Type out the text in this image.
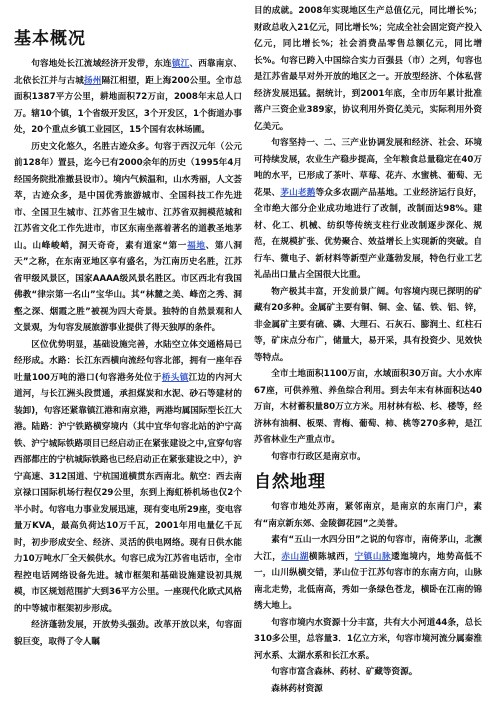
基本概况

句容地处长江流域经济开发带，东连镇江、西靠南京、北依长江并与古城扬州隔江相望，距上海200公里。全市总面积1387平方公里，耕地面积72万亩，2008年末总人口万。辖10个镇，1个省级开发区，3个开发区，1个街道办事处，20个重点乡镇工业园区，15个国有农林场圃。

历史文化悠久，名胜古迹众多。句容于西汉元年（公元前128年）置县，迄今已有2000余年的历史（1995年4月经国务院批准撤县设市）。境内气候温和，山水秀丽，人文荟萃，古迹众多，是中国优秀旅游城市、全国科技工作先进市、全国卫生城市、江苏省卫生城市、江苏省双拥模范城和江苏省文化工作先进市，市区东南坐落着著名的道教圣地茅山。山峰峻峭，洞天奇奇，素有道家“第一福地、第八洞天”之称，在东南亚地区享有盛名，为江南历史名胜，江苏省甲级风景区，国家AAAA级风景名胜区。市区西北有我国佛教“律宗第一名山”宝华山。其“林麓之美、峰峦之秀、洞壑之深、烟霞之胜”被视为四大奇景。独特的自然景观和人文景观，为句容发展旅游事业提供了得天独厚的条件。

区位优势明显，基础设施完善，水陆空立体交通格局已经形成。水路：长江东西横向流经句容北部，拥有一座年吞吐量100万吨的港口(句容港务处位于桥头镇江边的内河大道河，与长江洲头段贯通，承担煤炭和水泥、砂石等建材的装卸)，句容还紧靠镇江港和南京港，两港均属国际型长江大港。陆路：沪宁铁路横穿境内（其中宜华句容北站的沪宁高铁、沪宁城际铁路项目已经启动正在紧张建设之中,宣穿句容西部都庄的宁杭城际铁路也已经启动正在紧张建设之中），沪宁高速、312国道、宁杭国道横贯东西南北。航空：西去南京禄口国际机场行程仅29公里，东到上海虹桥机场也仅2个半小时。句容电力事业发展迅速，现有变电所29座，变电容量万KVA，最高负荷达10万千瓦，2001年用电量亿千瓦时，初步形成安全、经济、灵活的供电网络。现有日供水能力10万吨水厂全天候供水。句容已成为江苏省电话市，全市程控电话网络设备先进。城市框架和基础设施建设初具规模，市区规划范围扩大到36平方公里。一座现代化欧式风格的中等城市框架初步形成。

经济蓬勃发展，开放势头强劲。改革开放以来，句容面貌巨变，取得了令人瞩

目的成就。2008年实现地区生产总值亿元，同比增长%；财政总收入21亿元，同比增长%；完成全社会固定资产投入亿元，同比增长%；社会消费品零售总额亿元，同比增长%。句容已跨入中国综合实力百强县（市）之列，句容也是江苏省最早对外开放的地区之一。开放型经济、个体私营经济发展迅猛。据统计，到2001年底，全市历年累计批准落户三资企业389家，协议利用外资亿美元，实际利用外资亿美元。

句容坚持一、二、三产业协调发展和经济、社会、环境可持续发展，农业生产稳步提高，全年粮食总量稳定在40万吨的水平，已形成了茶叶、草莓、花卉、水蜜桃、葡萄、无花果、茅山老鹅等众多农副产品基地。工业经济运行良好，全市绝大部分企业成功地进行了改制，改制面达98%。建材、化工、机械、纺织等传统支柱行业改制逐步深化、规范，在规模扩张、优势聚合、效益增长上实现新的突破。自行车、微电子、新材料等新型产业蓬勃发展，特色行业工艺礼品出口量占全国很大比重。

物产极其丰富，开发前景广阔。句容境内现已探明的矿藏有20多种。金属矿主要有铜、铜、金、锰、铁、铝、锌，非金属矿主要有硫、磷、大理石、石灰石、膨润土、红柱石等，矿床点分布广，储量大，易开采，具有投资少、见效快等特点。

全市土地面积1100万亩，水域面积30万亩。大小水库67座，可供养殖、养鱼综合利用。到去年末有林面积达40万亩，木材蓄积量80万立方米。用材林有松、杉、楼等，经济林有油桐、板栗、青梅、葡萄、柿、桃等270多种，是江苏省林业生产重点市。

句容市行政区是南京市。

自然地理

句容市地处苏南，紧邻南京，是南京的东南门户，素有“南京新东郊、金陵御花园”之美誉。

素有“五山一水四分田”之说的句容市，南倚茅山，北濒大江，赤山湖横陈城西，宁镇山脉逶迤境内，地势高低不一，山川纵横交错，茅山位于江苏句容市的东南方向，山脉南北走势，北低南高，秀如一条绿色苍龙，横卧在江南的锦绣大地上。

句容市境内水资源十分丰富，共有大小河道44条，总长310多公里，总容量3．1亿立方米，句容市境河流分属秦淮河水系、太湖水系和长江水系。

句容市富含森林、药材、矿藏等资源。

森林药材资源
